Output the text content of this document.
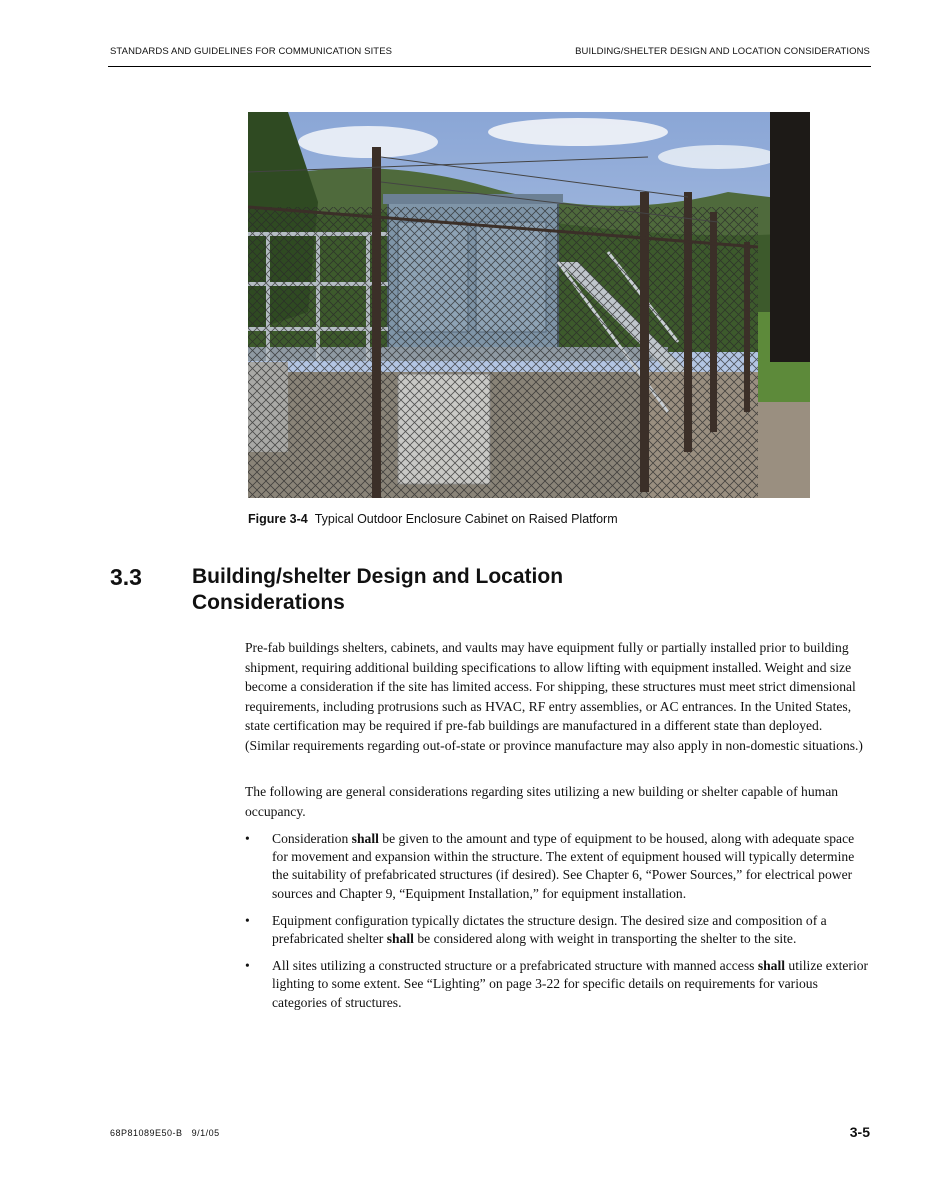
STANDARDS AND GUIDELINES FOR COMMUNICATION SITES	BUILDING/SHELTER DESIGN AND LOCATION CONSIDERATIONS
Figure 3-4 Typical Outdoor Enclosure Cabinet on Raised Platform
3.3 Building/shelter Design and Location
Considerations

Pre-fab buildings shelters, cabinets, and vaults may have equipment fully or partially installed prior to building shipment, requiring additional building specifications to allow lifting with equipment installed. Weight and size become a consideration if the site has limited access. For shipping, these structures must meet strict dimensional requirements, including protrusions such as HVAC, RF entry assemblies, or AC entrances. In the United States, state certification may be required if pre-fab buildings are manufactured in a different state than deployed. (Similar requirements regarding out-of-state or province manufacture may also apply in non-domestic situations.)

The following are general considerations regarding sites utilizing a new building or shelter capable of human occupancy.

• Consideration shall be given to the amount and type of equipment to be housed, along with adequate space for movement and expansion within the structure. The extent of equipment housed will typically determine the suitability of prefabricated structures (if desired). See Chapter 6, “Power Sources,” for electrical power sources and Chapter 9, “Equipment Installation,” for equipment installation.
• Equipment configuration typically dictates the structure design. The desired size and composition of a prefabricated shelter shall be considered along with weight in transporting the shelter to the site.
• All sites utilizing a constructed structure or a prefabricated structure with manned access shall utilize exterior lighting to some extent. See “Lighting” on page 3-22 for specific details on requirements for various categories of structures.
68P81089E50-B 9/1/05	3-5
